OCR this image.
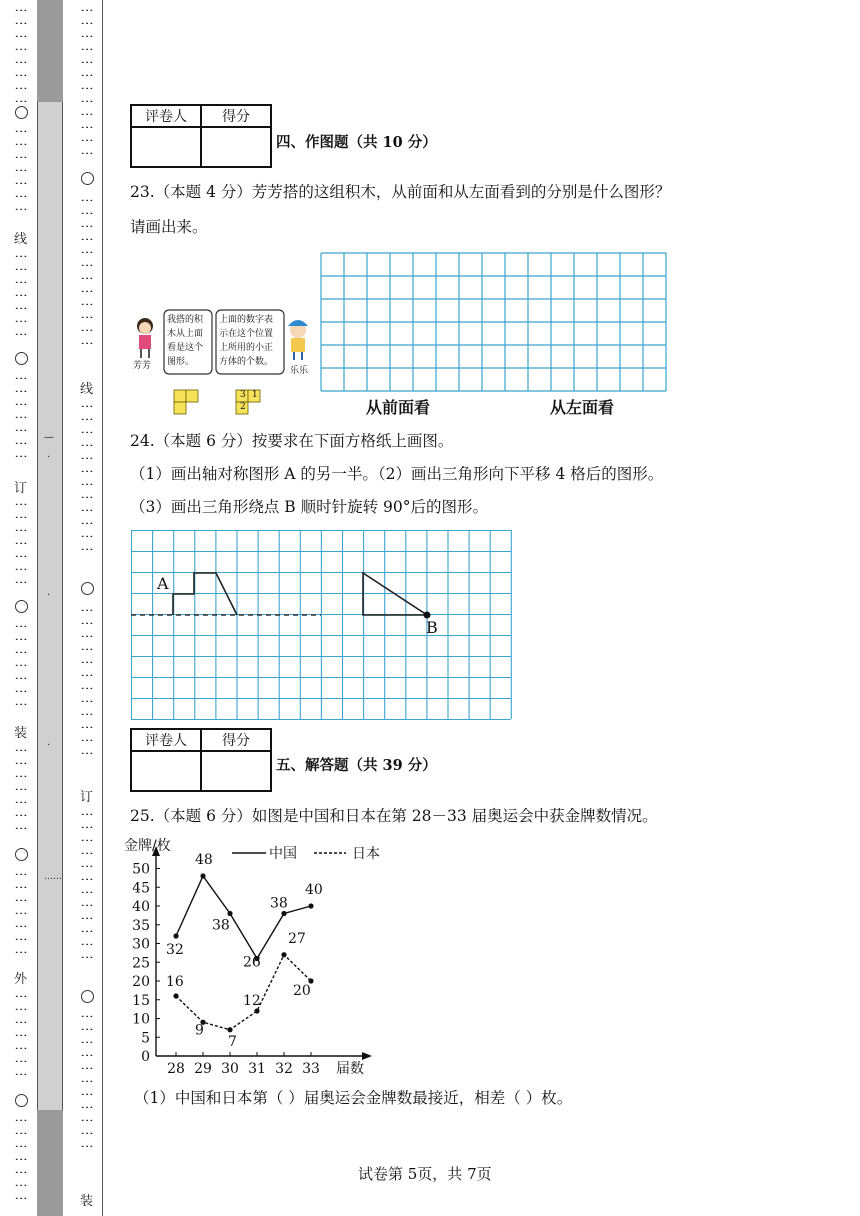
⋮⋮⋮⋮⋮⋮⋮⋮
⋮⋮⋮⋮⋮⋮⋮
线
⋮⋮⋮⋮⋮⋮⋮
⋮⋮⋮⋮⋮⋮⋮
订
⋮⋮⋮⋮⋮⋮⋮
⋮⋮⋮⋮⋮⋮⋮
装
⋮⋮⋮⋮⋮⋮⋮
⋮⋮⋮⋮⋮⋮⋮
外
⋮⋮⋮⋮⋮⋮⋮
⋮⋮⋮⋮⋮⋮⋮
—
·
·
·
……
⋮⋮⋮⋮⋮⋮⋮⋮⋮⋮⋮⋮
⋮⋮⋮⋮⋮⋮⋮⋮⋮⋮⋮⋮
线
⋮⋮⋮⋮⋮⋮⋮⋮⋮⋮⋮⋮
⋮⋮⋮⋮⋮⋮⋮⋮⋮⋮⋮⋮
订
⋮⋮⋮⋮⋮⋮⋮⋮⋮⋮⋮⋮
⋮⋮⋮⋮⋮⋮⋮⋮⋮⋮⋮
装
评卷人	得分

四、作图题（共 10 分）
23.（本题 4 分）芳芳搭的这组积木，从前面和从左面看到的分别是什么图形？
请画出来。
芳芳	乐乐
我搭的积
木从上面
看是这个
图形。
上面的数字表
示在这个位置
上所用的小正
方体的个数。
3 1
2	从前面看	从左面看
24.（本题 6 分）按要求在下面方格纸上画图。
（1）画出轴对称图形 A 的另一半。（2）画出三角形向下平移 4 格后的图形。
（3）画出三角形绕点 B 顺时针旋转 90°后的图形。
A
B
评卷人	得分

五、解答题（共 39 分）
25.（本题 6 分）如图是中国和日本在第 28－33 届奥运会中获金牌数情况。
0
5
10
15
20
25
30
35
40
45
50
28 29 30 31 32 33
金牌/枚
届数
中国	日本
32
48
38
26
38
40
16
9
7
12
27
20
（1）中国和日本第（ ）届奥运会金牌数最接近，相差（ ）枚。
试卷第 5页，共 7页
